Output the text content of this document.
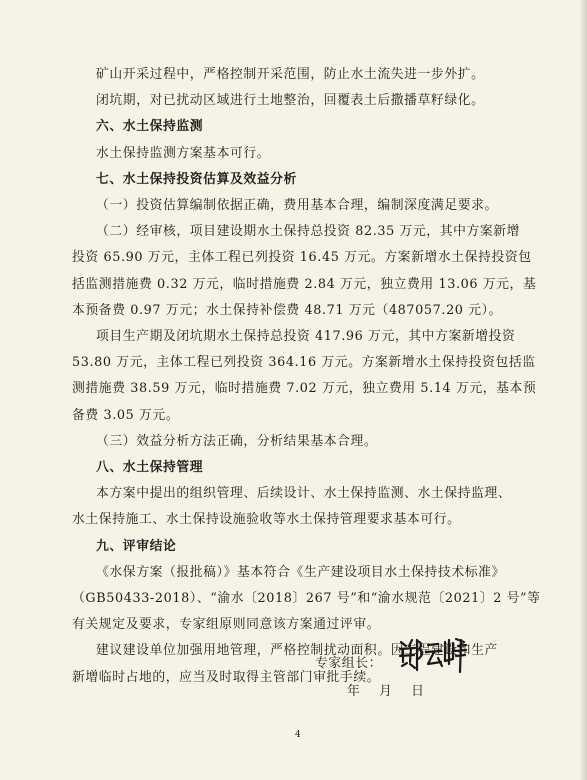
矿山开采过程中，严格控制开采范围，防止水土流失进一步外扩。

闭坑期，对已扰动区域进行土地整治，回覆表土后撒播草籽绿化。

六、水土保持监测

水土保持监测方案基本可行。

七、水土保持投资估算及效益分析

（一）投资估算编制依据正确，费用基本合理，编制深度满足要求。

（二）经审核，项目建设期水土保持总投资 82.35 万元，其中方案新增

投资 65.90 万元，主体工程已列投资 16.45 万元。方案新增水土保持投资包

括监测措施费 0.32 万元，临时措施费 2.84 万元，独立费用 13.06 万元，基

本预备费 0.97 万元；水土保持补偿费 48.71 万元（487057.20 元）。

项目生产期及闭坑期水土保持总投资 417.96 万元，其中方案新增投资

53.80 万元，主体工程已列投资 364.16 万元。方案新增水土保持投资包括监

测措施费 38.59 万元，临时措施费 7.02 万元，独立费用 5.14 万元，基本预

备费 3.05 万元。

（三）效益分析方法正确，分析结果基本合理。

八、水土保持管理

本方案中提出的组织管理、后续设计、水土保持监测、水土保持监理、

水土保持施工、水土保持设施验收等水土保持管理要求基本可行。

九、评审结论

《水保方案（报批稿）》基本符合《生产建设项目水土保持技术标准》

（GB50433-2018）、“渝水〔2018〕267 号”和“渝水规范〔2021〕2 号”等

有关规定及要求，专家组原则同意该方案通过评审。

建议建设单位加强用地管理，严格控制扰动面积。因工程建设和生产

新增临时占地的，应当及时取得主管部门审批手续。

专家组长：
年 月 日
4
